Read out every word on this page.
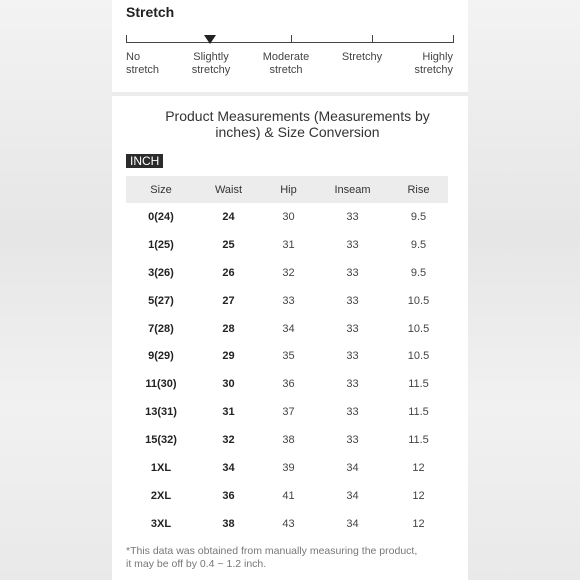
Stretch
No
stretch
Slightly
stretchy
Moderate
stretch
Stretchy	Highly
stretchy
Product Measurements (Measurements by inches) & Size Conversion
INCH
Size	Waist	Hip	Inseam	Rise
0(24)	24	30	33	9.5
1(25)	25	31	33	9.5
3(26)	26	32	33	9.5
5(27)	27	33	33	10.5
7(28)	28	34	33	10.5
9(29)	29	35	33	10.5
11(30)	30	36	33	11.5
13(31)	31	37	33	11.5
15(32)	32	38	33	11.5
1XL	34	39	34	12
2XL	36	41	34	12
3XL	38	43	34	12
*This data was obtained from manually measuring the product,
it may be off by 0.4 ~ 1.2 inch.
